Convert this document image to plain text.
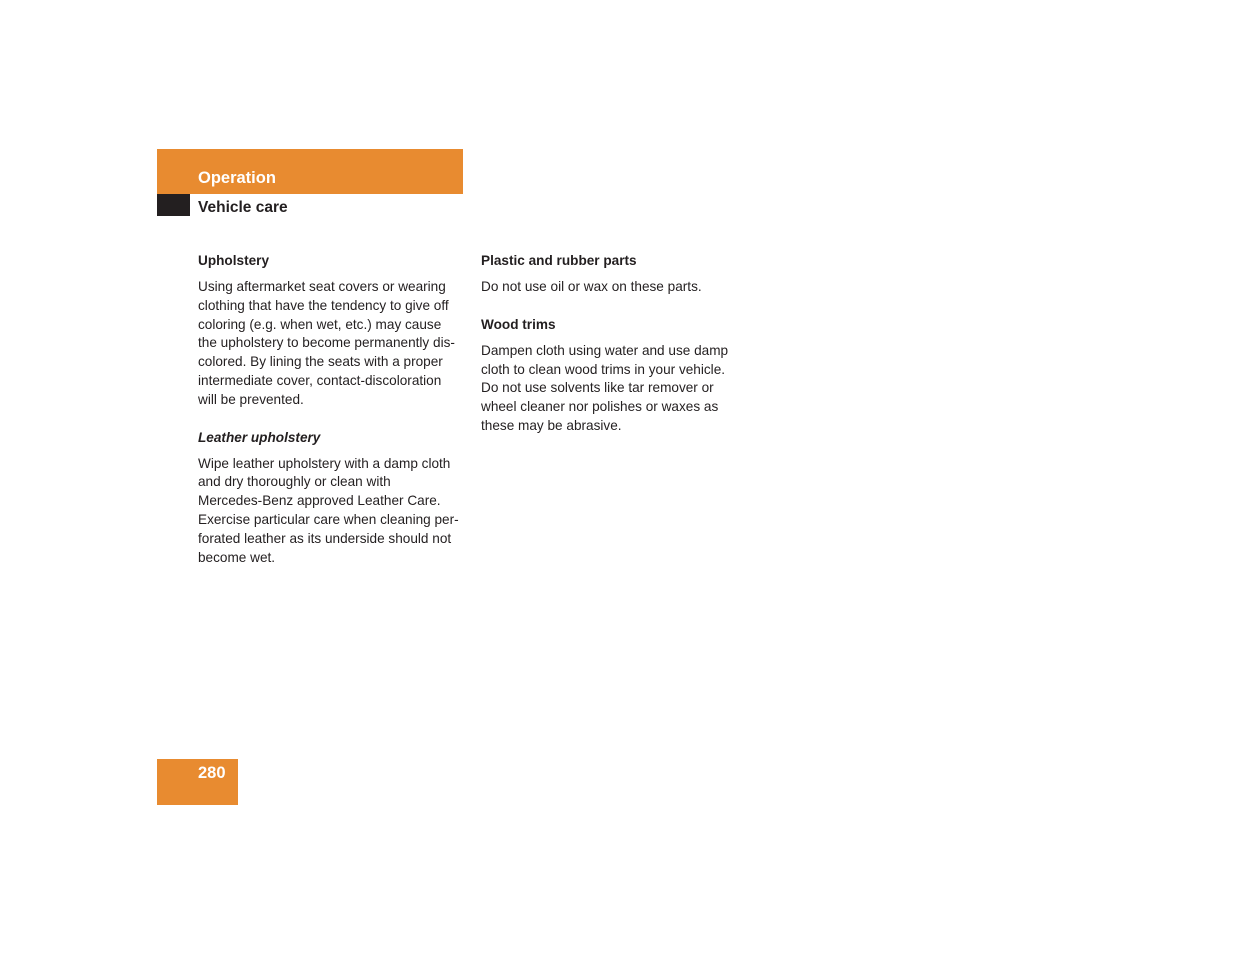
Operation
Vehicle care
Upholstery

Using aftermarket seat covers or wearing
clothing that have the tendency to give off
coloring (e.g. when wet, etc.) may cause
the upholstery to become permanently dis-
colored. By lining the seats with a proper
intermediate cover, contact-discoloration
will be prevented.

Leather upholstery

Wipe leather upholstery with a damp cloth
and dry thoroughly or clean with
Mercedes-Benz approved Leather Care.
Exercise particular care when cleaning per-
forated leather as its underside should not
become wet.

Plastic and rubber parts

Do not use oil or wax on these parts.

Wood trims

Dampen cloth using water and use damp
cloth to clean wood trims in your vehicle.
Do not use solvents like tar remover or
wheel cleaner nor polishes or waxes as
these may be abrasive.

280
